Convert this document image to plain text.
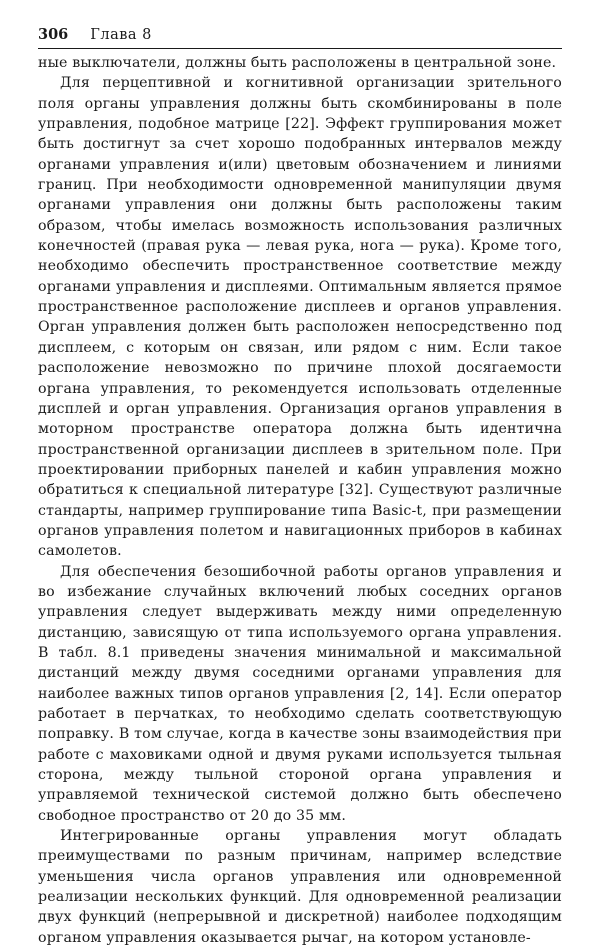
306 Глава 8

ные выключатели, должны быть расположены в центральной зоне.

Для перцептивной и когнитивной организации зрительного поля органы управления должны быть скомбинированы в поле управления, подобное матрице [22]. Эффект группирования может быть достигнут за счет хорошо подобранных интервалов между органами управления и(или) цветовым обозначением и линиями границ. При необходимости одновременной манипуляции двумя органами управления они должны быть расположены таким образом, чтобы имелась возможность использования различных конечностей (правая рука — левая рука, нога — рука). Кроме того, необходимо обеспечить пространственное соответствие между органами управления и дисплеями. Оптимальным является прямое пространственное расположение дисплеев и органов управления. Орган управления должен быть расположен непосредственно под дисплеем, с которым он связан, или рядом с ним. Если такое расположение невозможно по причине плохой досягаемости органа управления, то рекомендуется использовать отделенные дисплей и орган управления. Организация органов управления в моторном пространстве оператора должна быть идентична пространственной организации дисплеев в зрительном поле. При проектировании приборных панелей и кабин управления можно обратиться к специальной литературе [32]. Существуют различные стандарты, например группирование типа Basic-t, при размещении органов управления полетом и навигационных приборов в кабинах самолетов.

Для обеспечения безошибочной работы органов управления и во избежание случайных включений любых соседних органов управления следует выдерживать между ними определенную дистанцию, зависящую от типа используемого органа управления. В табл. 8.1 приведены значения минимальной и максимальной дистанций между двумя соседними органами управления для наиболее важных типов органов управления [2, 14]. Если оператор работает в перчатках, то необходимо сделать соответствующую поправку. В том случае, когда в качестве зоны взаимодействия при работе с маховиками одной и двумя руками используется тыльная сторона, между тыльной стороной органа управления и управляемой технической системой должно быть обеспечено свободное пространство от 20 до 35 мм.

Интегрированные органы управления могут обладать преимуществами по разным причинам, например вследствие уменьшения числа органов управления или одновременной реализации нескольких функций. Для одновременной реализации двух функций (непрерывной и дискретной) наиболее подходящим органом управления оказывается рычаг, на котором установле-
